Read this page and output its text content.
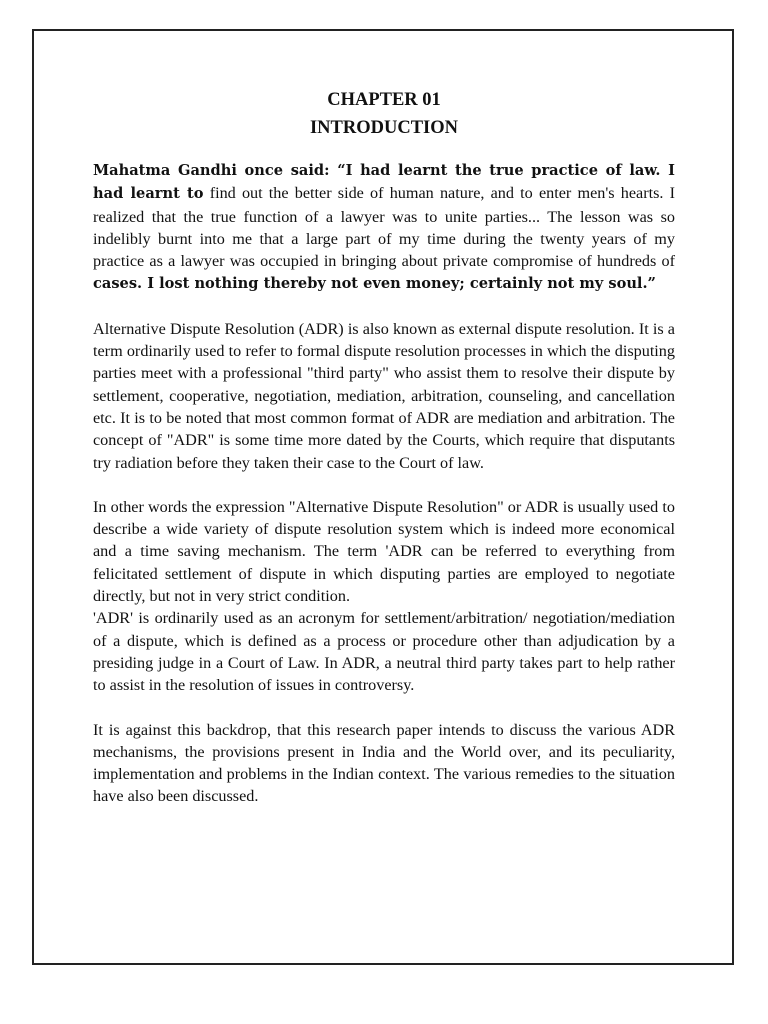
CHAPTER 01
INTRODUCTION

Mahatma Gandhi once said: “I had learnt the true practice of law. I had learnt to find out the better side of human nature, and to enter men's hearts. I realized that the true function of a lawyer was to unite parties... The lesson was so indelibly burnt into me that a large part of my time during the twenty years of my practice as a lawyer was occupied in bringing about private compromise of hundreds of cases. I lost nothing thereby not even money; certainly not my soul.”

Alternative Dispute Resolution (ADR) is also known as external dispute resolution. It is a term ordinarily used to refer to formal dispute resolution processes in which the disputing parties meet with a professional "third party" who assist them to resolve their dispute by settlement, cooperative, negotiation, mediation, arbitration, counseling, and cancellation etc. It is to be noted that most common format of ADR are mediation and arbitration. The concept of "ADR" is some time more dated by the Courts, which require that disputants try radiation before they taken their case to the Court of law.

In other words the expression "Alternative Dispute Resolution" or ADR is usually used to describe a wide variety of dispute resolution system which is indeed more economical and a time saving mechanism. The term 'ADR can be referred to everything from felicitated settlement of dispute in which disputing parties are employed to negotiate directly, but not in very strict condition.

'ADR' is ordinarily used as an acronym for settlement/arbitration/ negotiation/mediation of a dispute, which is defined as a process or procedure other than adjudication by a presiding judge in a Court of Law. In ADR, a neutral third party takes part to help rather to assist in the resolution of issues in controversy.

It is against this backdrop, that this research paper intends to discuss the various ADR mechanisms, the provisions present in India and the World over, and its peculiarity, implementation and problems in the Indian context. The various remedies to the situation have also been discussed.
